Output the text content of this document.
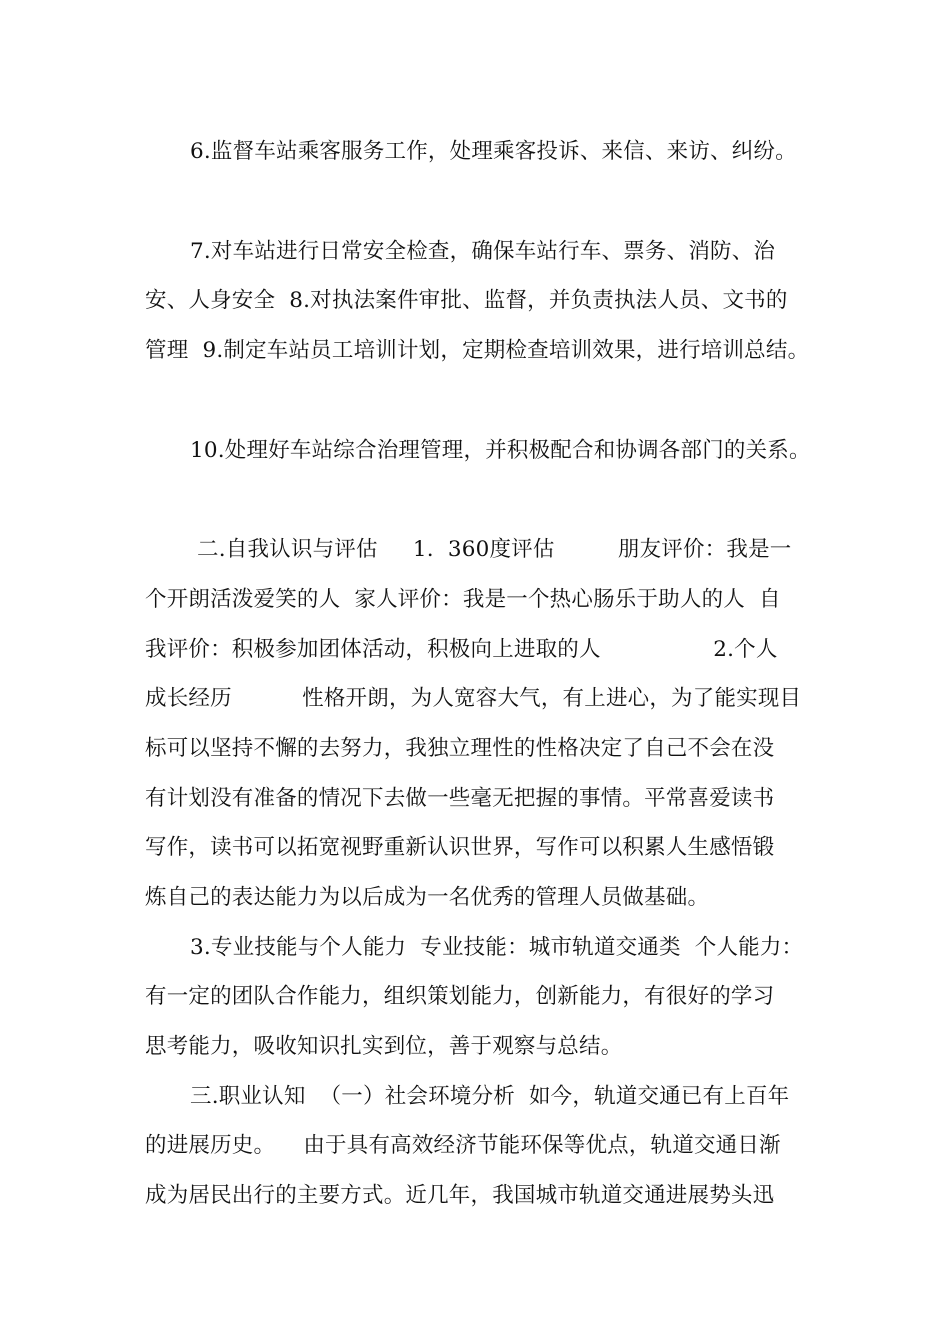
6.监督车站乘客服务工作，处理乘客投诉、来信、来访、纠纷。
7.对车站进行日常安全检查，确保车站行车、票务、消防、治
安、人身安全  8.对执法案件审批、监督，并负责执法人员、文书的
管理  9.制定车站员工培训计划，定期检查培训效果，进行培训总结。
10.处理好车站综合治理管理，并积极配合和协调各部门的关系。
二.自我认识与评估     1.  360度评估         朋友评价：我是一
个开朗活泼爱笑的人  家人评价：我是一个热心肠乐于助人的人  自
我评价：积极参加团体活动，积极向上进取的人                2.个人
成长经历          性格开朗，为人宽容大气，有上进心，为了能实现目
标可以坚持不懈的去努力，我独立理性的性格决定了自己不会在没
有计划没有准备的情况下去做一些毫无把握的事情。平常喜爱读书
写作，读书可以拓宽视野重新认识世界，写作可以积累人生感悟锻
炼自己的表达能力为以后成为一名优秀的管理人员做基础。
3.专业技能与个人能力  专业技能：城市轨道交通类  个人能力：
有一定的团队合作能力，组织策划能力，创新能力，有很好的学习
思考能力，吸收知识扎实到位，善于观察与总结。
三.职业认知  （一）社会环境分析  如今，轨道交通已有上百年
的进展历史。    由于具有高效经济节能环保等优点，轨道交通日渐
成为居民出行的主要方式。近几年，我国城市轨道交通进展势头迅
